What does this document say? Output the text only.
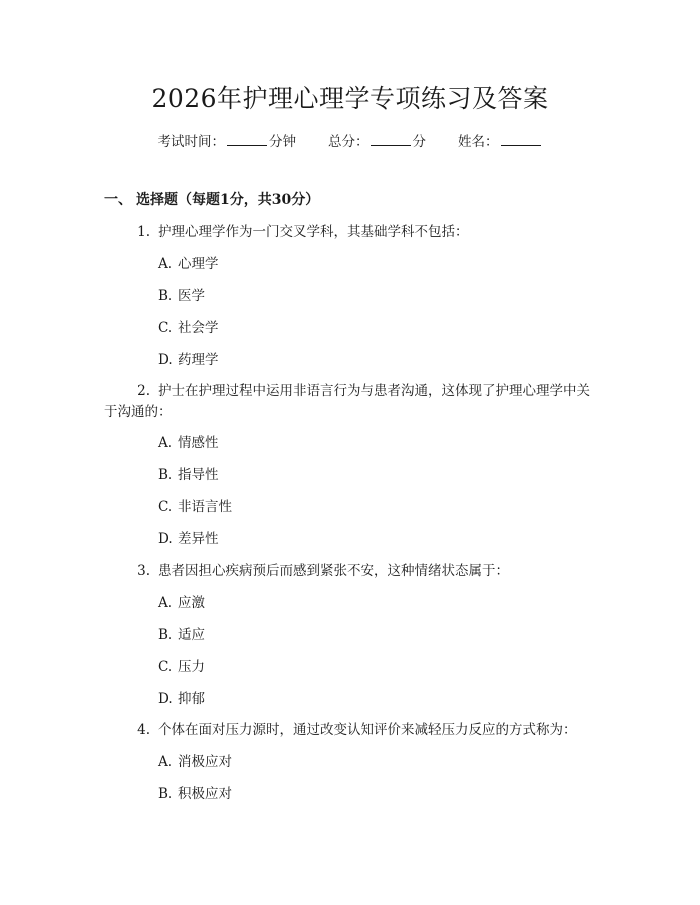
2026年护理心理学专项练习及答案
考试时间：	分钟 总分：	分 姓名：
一、 选择题（每题1分，共30分）
1. 护理心理学作为一门交叉学科，其基础学科不包括：
A. 心理学
B. 医学
C. 社会学
D. 药理学
2. 护士在护理过程中运用非语言行为与患者沟通，这体现了护理心理学中关于沟通的：
A. 情感性
B. 指导性
C. 非语言性
D. 差异性
3. 患者因担心疾病预后而感到紧张不安，这种情绪状态属于：
A. 应激
B. 适应
C. 压力
D. 抑郁
4. 个体在面对压力源时，通过改变认知评价来减轻压力反应的方式称为：
A. 消极应对
B. 积极应对
